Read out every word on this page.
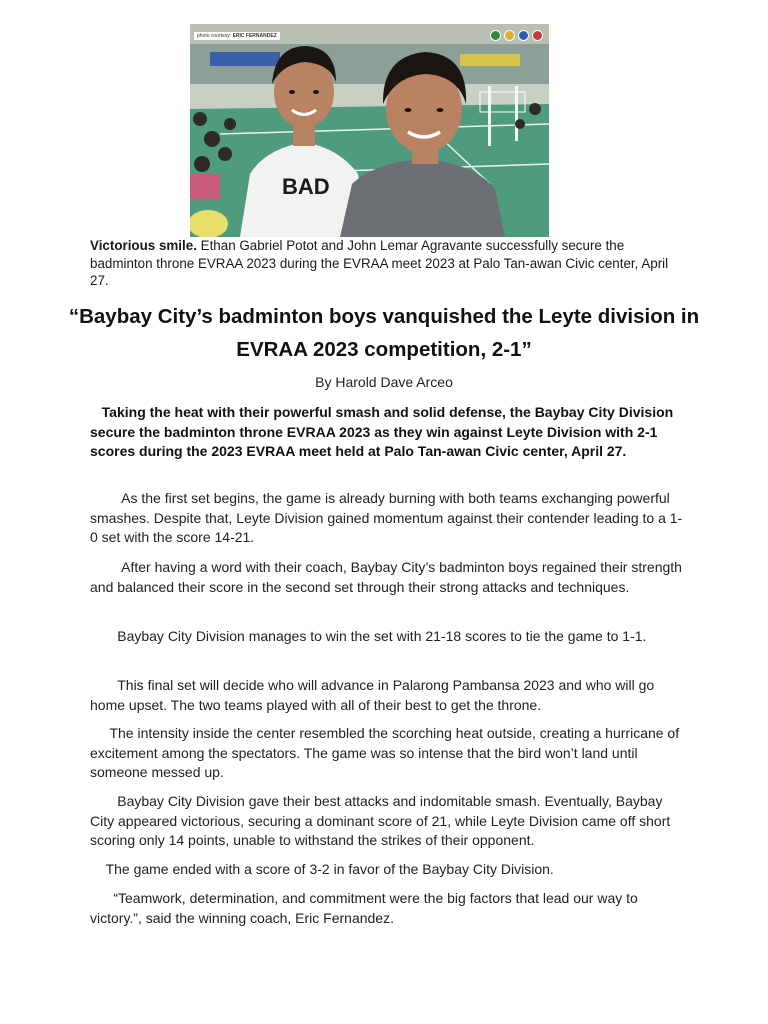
BAD
photo courtesy: ERIC FERNANDEZ
Victorious smile. Ethan Gabriel Potot and John Lemar Agravante successfully secure the badminton throne EVRAA 2023 during the EVRAA meet 2023 at Palo Tan-awan Civic center, April 27.
“Baybay City’s badminton boys vanquished the Leyte division in EVRAA 2023 competition, 2-1”
By Harold Dave Arceo
Taking the heat with their powerful smash and solid defense, the Baybay City Division secure the badminton throne EVRAA 2023 as they win against Leyte Division with 2-1 scores during the 2023 EVRAA meet held at Palo Tan-awan Civic center, April 27.
As the first set begins, the game is already burning with both teams exchanging powerful smashes. Despite that, Leyte Division gained momentum against their contender leading to a 1-0 set with the score 14-21.
After having a word with their coach, Baybay City’s badminton boys regained their strength and balanced their score in the second set through their strong attacks and techniques.
Baybay City Division manages to win the set with 21-18 scores to tie the game to 1-1.
This final set will decide who will advance in Palarong Pambansa 2023 and who will go home upset. The two teams played with all of their best to get the throne.
The intensity inside the center resembled the scorching heat outside, creating a hurricane of excitement among the spectators. The game was so intense that the bird won’t land until someone messed up.
Baybay City Division gave their best attacks and indomitable smash. Eventually, Baybay City appeared victorious, securing a dominant score of 21, while Leyte Division came off short scoring only 14 points, unable to withstand the strikes of their opponent.
The game ended with a score of 3-2 in favor of the Baybay City Division.
“Teamwork, determination, and commitment were the big factors that lead our way to victory.”, said the winning coach, Eric Fernandez.
